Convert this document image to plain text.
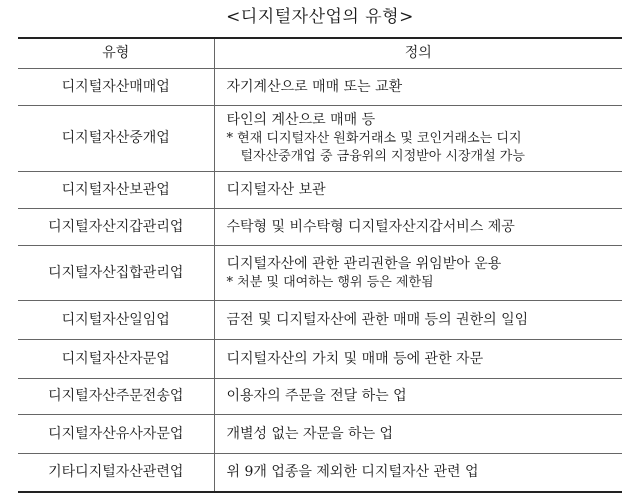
<디지털자산업의 유형>
유형	정의
디지털자산매매업	자기계산으로 매매 또는 교환
디지털자산중개업	타인의 계산으로 매매 등
* 현재 디지털자산 원화거래소 및 코인거래소는 디지
털자산중개업 중 금융위의 지정받아 시장개설 가능

디지털자산보관업	디지털자산 보관
디지털자산지갑관리업	수탁형 및 비수탁형 디지털자산지갑서비스 제공
디지털자산집합관리업	디지털자산에 관한 관리권한을 위임받아 운용
* 처분 및 대여하는 행위 등은 제한됨

디지털자산일임업	금전 및 디지털자산에 관한 매매 등의 권한의 일임
디지털자산자문업	디지털자산의 가치 및 매매 등에 관한 자문
디지털자산주문전송업	이용자의 주문을 전달 하는 업
디지털자산유사자문업	개별성 없는 자문을 하는 업
기타디지털자산관련업	위 9개 업종을 제외한 디지털자산 관련 업
